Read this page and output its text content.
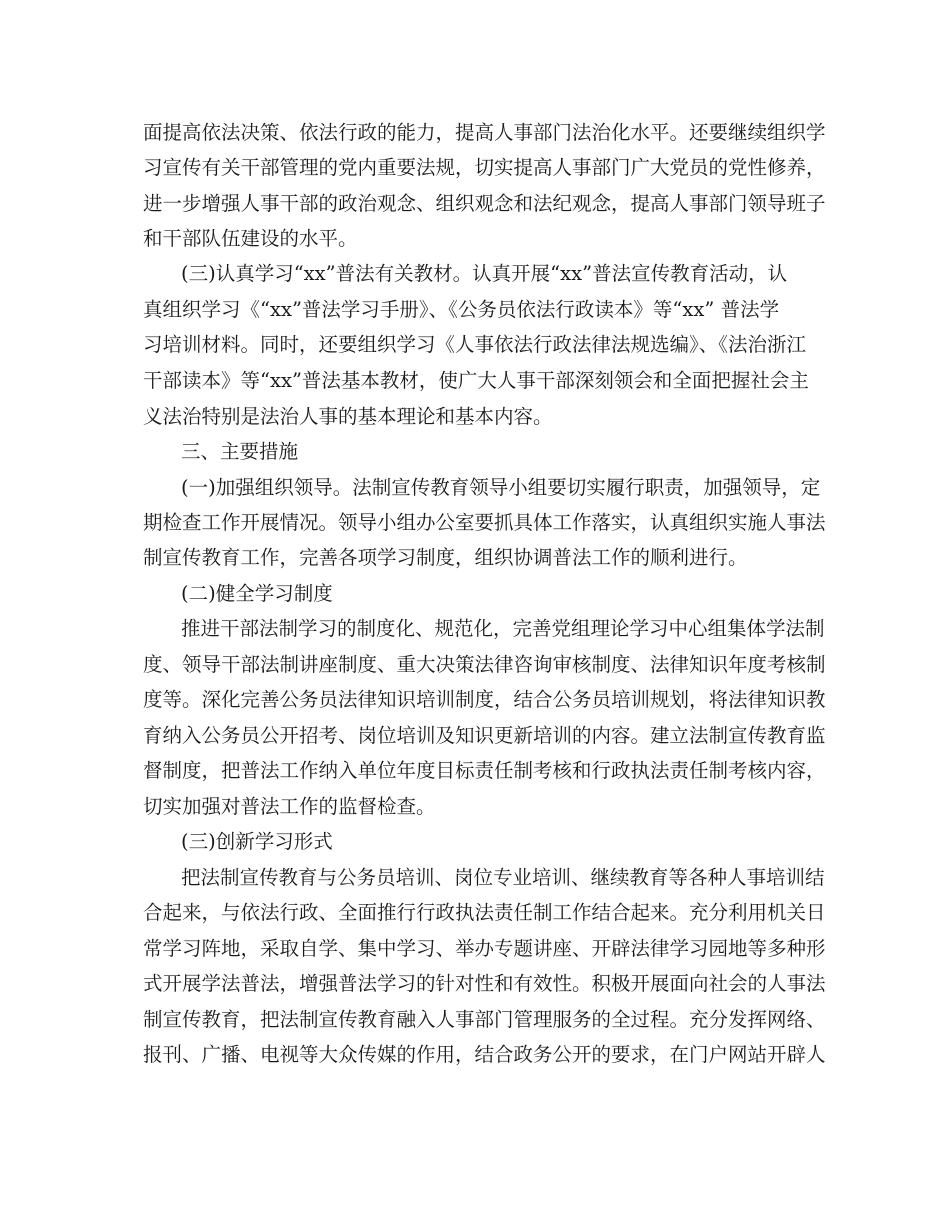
面提高依法决策、依法行政的能力，提高人事部门法治化水平。还要继续组织学
习宣传有关干部管理的党内重要法规，切实提高人事部门广大党员的党性修养，
进一步增强人事干部的政治观念、组织观念和法纪观念，提高人事部门领导班子
和干部队伍建设的水平。
(三)认真学习“xx”普法有关教材。认真开展“xx”普法宣传教育活动，认
真组织学习《“xx”普法学习手册》、《公务员依法行政读本》等“xx” 普法学
习培训材料。同时，还要组织学习《人事依法行政法律法规选编》、《法治浙江
干部读本》等“xx”普法基本教材，使广大人事干部深刻领会和全面把握社会主
义法治特别是法治人事的基本理论和基本内容。
三、主要措施
(一)加强组织领导。法制宣传教育领导小组要切实履行职责，加强领导，定
期检查工作开展情况。领导小组办公室要抓具体工作落实，认真组织实施人事法
制宣传教育工作，完善各项学习制度，组织协调普法工作的顺利进行。
(二)健全学习制度
推进干部法制学习的制度化、规范化，完善党组理论学习中心组集体学法制
度、领导干部法制讲座制度、重大决策法律咨询审核制度、法律知识年度考核制
度等。深化完善公务员法律知识培训制度，结合公务员培训规划，将法律知识教
育纳入公务员公开招考、岗位培训及知识更新培训的内容。建立法制宣传教育监
督制度，把普法工作纳入单位年度目标责任制考核和行政执法责任制考核内容，
切实加强对普法工作的监督检查。
(三)创新学习形式
把法制宣传教育与公务员培训、岗位专业培训、继续教育等各种人事培训结
合起来，与依法行政、全面推行行政执法责任制工作结合起来。充分利用机关日
常学习阵地，采取自学、集中学习、举办专题讲座、开辟法律学习园地等多种形
式开展学法普法，增强普法学习的针对性和有效性。积极开展面向社会的人事法
制宣传教育，把法制宣传教育融入人事部门管理服务的全过程。充分发挥网络、
报刊、广播、电视等大众传媒的作用，结合政务公开的要求，在门户网站开辟人
